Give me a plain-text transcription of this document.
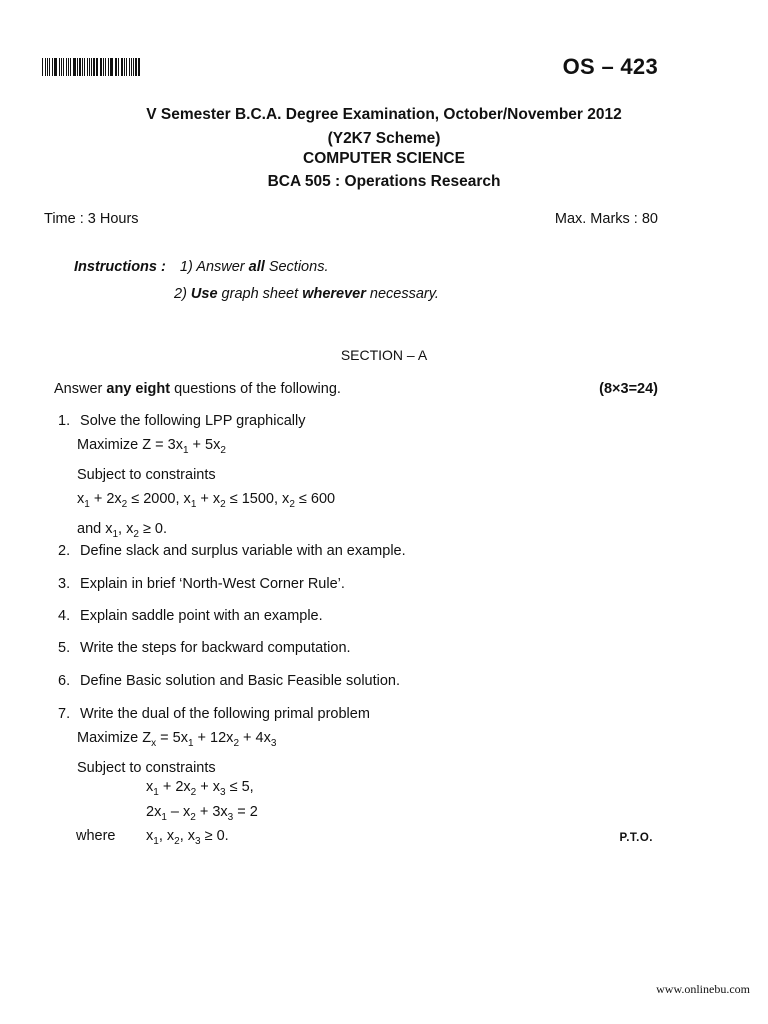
OS – 423
V Semester B.C.A. Degree Examination, October/November 2012
(Y2K7 Scheme)
COMPUTER SCIENCE
BCA 505 : Operations Research
Time : 3 Hours	Max. Marks : 80
Instructions : 1) Answer all Sections.
2) Use graph sheet wherever necessary.
SECTION – A
Answer any eight questions of the following.	(8×3=24)
1. Solve the following LPP graphically
Maximize $Z = 3x_1 + 5x_2$
Subject to constraints
$x_1 + 2x_2 \le 2000$, $x_1 + x_2 \le 1500$, $x_2 \le 600$
and $x_1$, $x_2 \ge 0$.
2. Define slack and surplus variable with an example.
3. Explain in brief ‘North-West Corner Rule’.
4. Explain saddle point with an example.
5. Write the steps for backward computation.
6. Define Basic solution and Basic Feasible solution.
7. Write the dual of the following primal problem
Maximize $Z_x = 5x_1 + 12x_2 + 4x_3$
Subject to constraints
$x_1 + 2x_2 + x_3 \le 5$,
$2x_1 - x_2 + 3x_3 = 2$
where $x_1$, $x_2$, $x_3 \ge 0$.	P.T.O.
www.onlinebu.com
